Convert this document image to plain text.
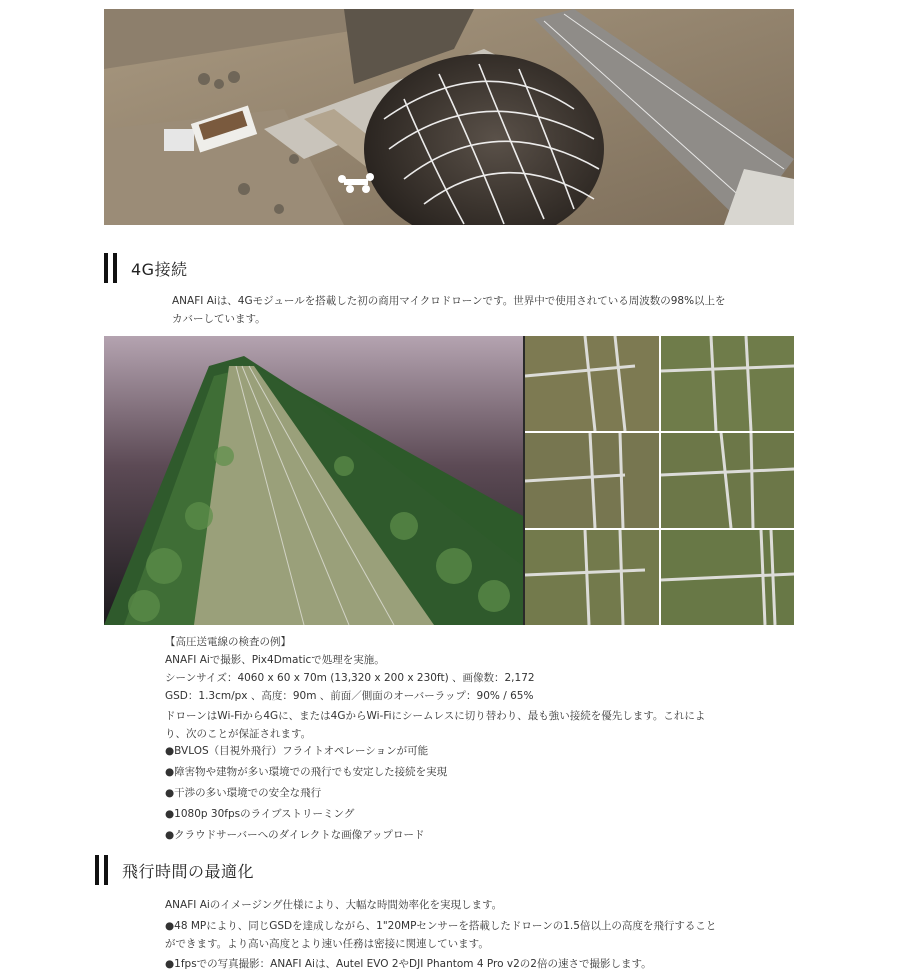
4G接続
ANAFI Aiは、4Gモジュールを搭載した初の商用マイクロドローンです。世界中で使用されている周波数の98%以上をカバーしています。
【高圧送電線の検査の例】
ANAFI Aiで撮影、Pix4Dmaticで処理を実施。
シーンサイズ：4060 x 60 x 70m (13,320 x 200 x 230ft) 、画像数：2,172
GSD：1.3cm/px 、高度：90m 、前面／側面のオーバーラップ：90% / 65%
ドローンはWi-Fiから4Gに、または4GからWi-Fiにシームレスに切り替わり、最も強い接続を優先します。これにより、次のことが保証されます。
●BVLOS（目視外飛行）フライトオペレーションが可能
●障害物や建物が多い環境での飛行でも安定した接続を実現
●干渉の多い環境での安全な飛行
●1080p 30fpsのライブストリーミング
●クラウドサーバーへのダイレクトな画像アップロード
飛行時間の最適化
ANAFI Aiのイメージング仕様により、大幅な時間効率化を実現します。
●48 MPにより、同じGSDを達成しながら、1"20MPセンサーを搭載したドローンの1.5倍以上の高度を飛行することができます。より高い高度とより速い任務は密接に関連しています。
●1fpsでの写真撮影：ANAFI Aiは、Autel EVO 2やDJI Phantom 4 Pro v2の2倍の速さで撮影します。
